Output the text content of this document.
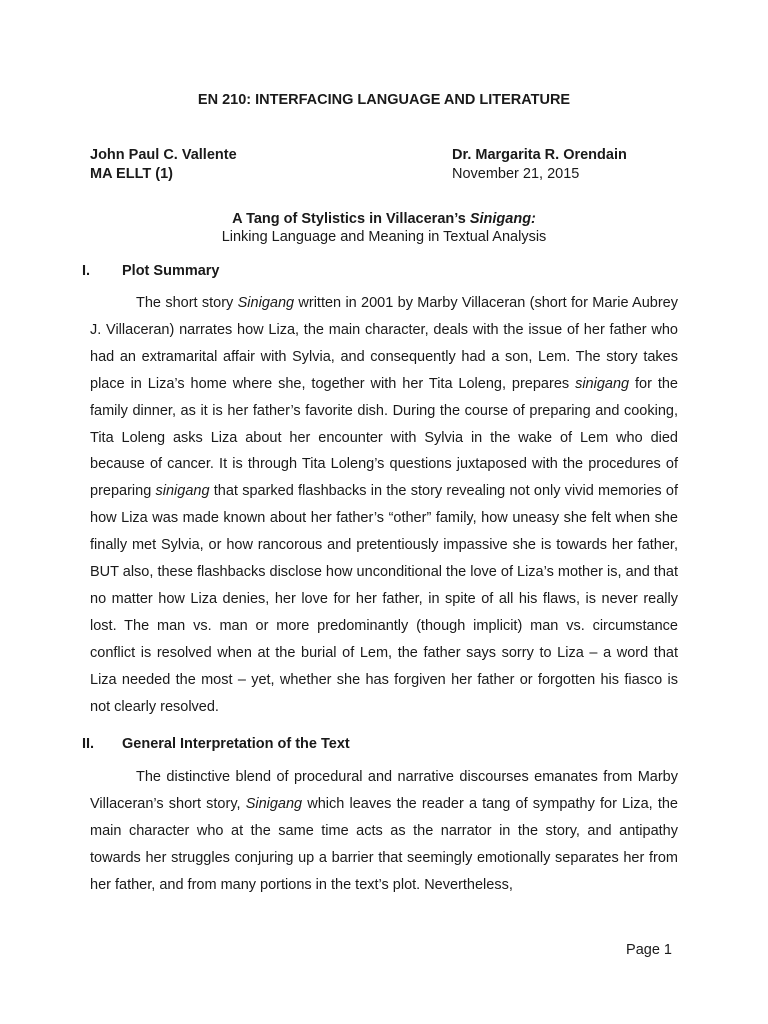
EN 210: INTERFACING LANGUAGE AND LITERATURE
John Paul C. Vallente
MA ELLT (1)
Dr. Margarita R. Orendain
November 21, 2015
A Tang of Stylistics in Villaceran’s Sinigang:
Linking Language and Meaning in Textual Analysis
I. Plot Summary
The short story Sinigang written in 2001 by Marby Villaceran (short for Marie Aubrey J. Villaceran) narrates how Liza, the main character, deals with the issue of her father who had an extramarital affair with Sylvia, and consequently had a son, Lem. The story takes place in Liza’s home where she, together with her Tita Loleng, prepares sinigang for the family dinner, as it is her father’s favorite dish. During the course of preparing and cooking, Tita Loleng asks Liza about her encounter with Sylvia in the wake of Lem who died because of cancer. It is through Tita Loleng’s questions juxtaposed with the procedures of preparing sinigang that sparked flashbacks in the story revealing not only vivid memories of how Liza was made known about her father’s “other” family, how uneasy she felt when she finally met Sylvia, or how rancorous and pretentiously impassive she is towards her father, BUT also, these flashbacks disclose how unconditional the love of Liza’s mother is, and that no matter how Liza denies, her love for her father, in spite of all his flaws, is never really lost. The man vs. man or more predominantly (though implicit) man vs. circumstance conflict is resolved when at the burial of Lem, the father says sorry to Liza – a word that Liza needed the most – yet, whether she has forgiven her father or forgotten his fiasco is not clearly resolved.
II. General Interpretation of the Text
The distinctive blend of procedural and narrative discourses emanates from Marby Villaceran’s short story, Sinigang which leaves the reader a tang of sympathy for Liza, the main character who at the same time acts as the narrator in the story, and antipathy towards her struggles conjuring up a barrier that seemingly emotionally separates her from her father, and from many portions in the text’s plot. Nevertheless,
Page 1
